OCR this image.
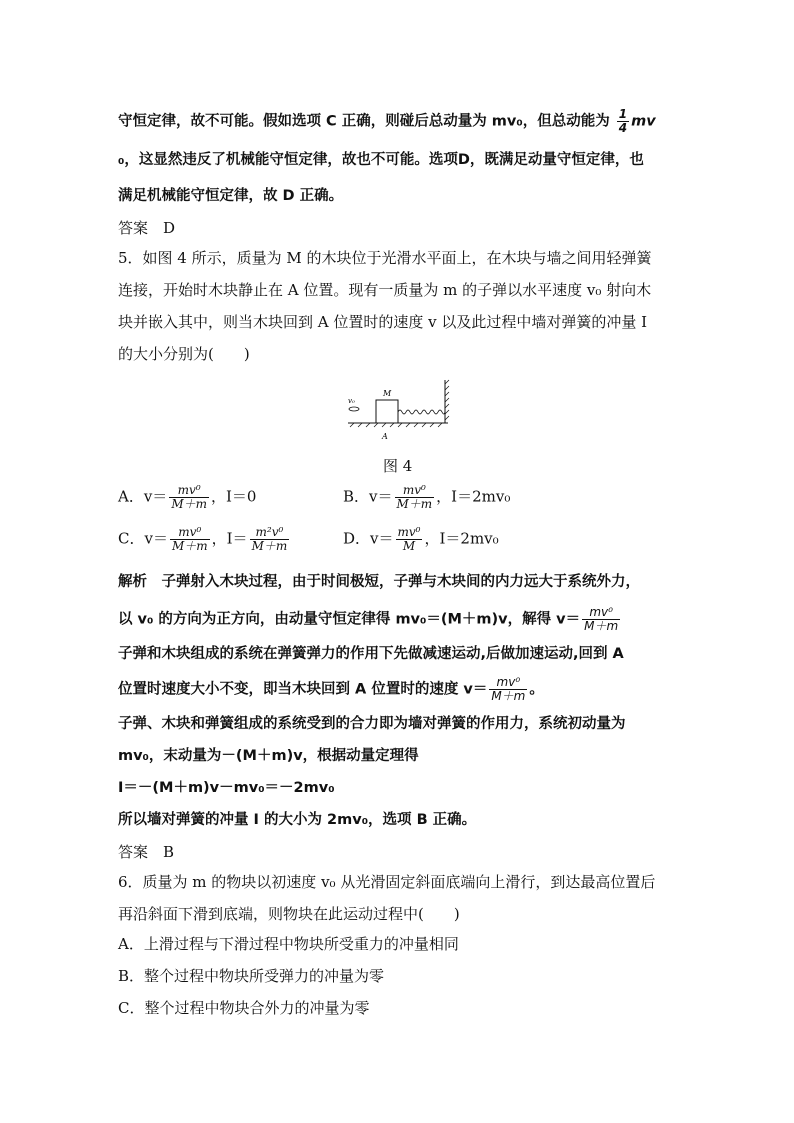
守恒定律，故不可能。假如选项 C 正确，则碰后总动量为 mv₀，但总动能为 $\frac{1}{4}$ mv
₀，这显然违反了机械能守恒定律，故也不可能。选项D，既满足动量守恒定律，也
满足机械能守恒定律，故 D 正确。
答案　D
5．如图 4 所示，质量为 M 的木块位于光滑水平面上，在木块与墙之间用轻弹簧
连接，开始时木块静止在 A 位置。现有一质量为 m 的子弹以水平速度 v₀ 射向木
块并嵌入其中，则当木块回到 A 位置时的速度 v 以及此过程中墙对弹簧的冲量 I
的大小分别为(　　)
v₀
M
A
图 4
A．$v= \frac{\text{mv⁰}}{M+m}$ ，I＝0	B．$v= \frac{\text{mv⁰}}{M+m}$ ，I＝2mv₀
C．$v= \frac{\text{mv⁰}}{M+m}$ ，$I= \frac{\text{m²v⁰}}{M+m}$	D．$v= \frac{\text{mv⁰}}{M}$ ，I＝2mv₀
解析　子弹射入木块过程，由于时间极短，子弹与木块间的内力远大于系统外力，
以 v₀ 的方向为正方向，由动量守恒定律得 mv₀＝(M＋m)v，解得 $v= \frac{\text{mv⁰}}{M+m}$
子弹和木块组成的系统在弹簧弹力的作用下先做减速运动,后做加速运动,回到 A
位置时速度大小不变，即当木块回到 A 位置时的速度 $v= \frac{\text{mv⁰}}{M+m}$ 。
子弹、木块和弹簧组成的系统受到的合力即为墙对弹簧的作用力，系统初动量为
mv₀，末动量为－(M＋m)v，根据动量定理得
I＝－(M＋m)v－mv₀＝－2mv₀
所以墙对弹簧的冲量 I 的大小为 2mv₀，选项 B 正确。
答案　B
6．质量为 m 的物块以初速度 v₀ 从光滑固定斜面底端向上滑行，到达最高位置后
再沿斜面下滑到底端，则物块在此运动过程中(　　)
A．上滑过程与下滑过程中物块所受重力的冲量相同
B．整个过程中物块所受弹力的冲量为零
C．整个过程中物块合外力的冲量为零
